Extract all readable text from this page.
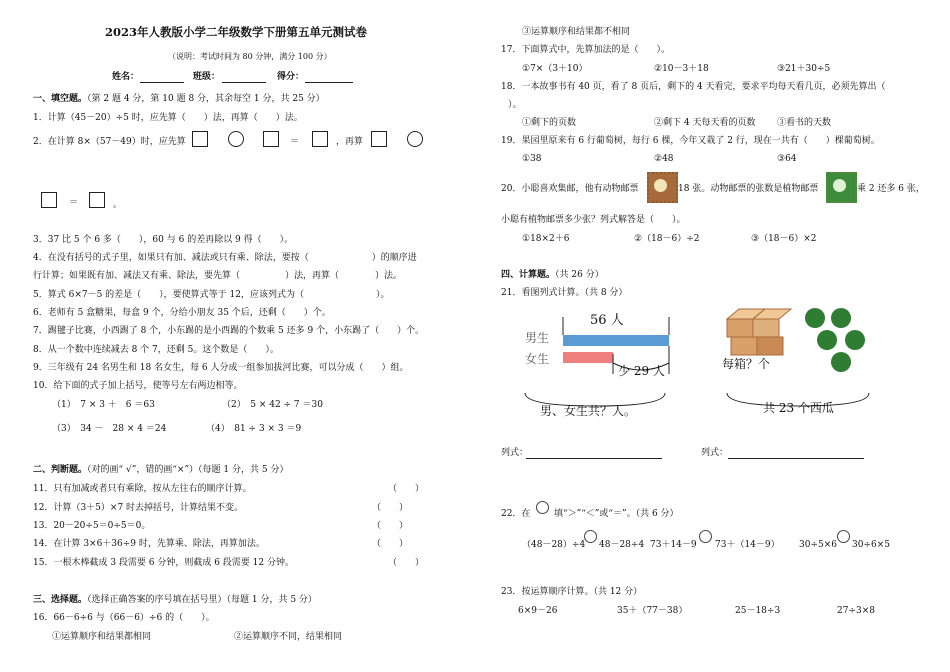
2023年人教版小学二年级数学下册第五单元测试卷
（说明：考试时间为 80 分钟，满分 100 分）
姓名：	班级：	得分：
一、填空题。（第 2 题 4 分，第 10 题 8 分，其余每空 1 分，共 25 分）
1．计算（45－20）÷5 时，应先算（　　）法，再算（　　）法。
2．在计算 8×（57－49）时，应先算	＝	，再算
＝	。
3．37 比 5 个 6 多（　　），60 与 6 的差再除以 9 得（　　）。
4．在没有括号的式子里，如果只有加、减法或只有乘、除法，要按（　　　　　　　）的顺序进
行计算；如果既有加、减法又有乘、除法，要先算（　　　　　）法，再算（　　　　）法。
5．算式 6×7－5 的差是（　　），要使算式等于 12，应该列式为（　　　　　　　　）。
6．老师有 5 盒糖果，每盒 9 个，分给小朋友 35 个后，还剩（　　）个。
7．踢毽子比赛，小西踢了 8 个，小东踢的是小西踢的个数乘 5 还多 9 个，小东踢了（　　）个。
8．从一个数中连续减去 8 个 7，还剩 5。这个数是（　　）。
9．三年级有 24 名男生和 18 名女生，每 6 人分成一组参加拔河比赛，可以分成（　　）组。
10．给下面的式子加上括号，使等号左右两边相等。
（1）　7 × 3 ＋　6 ＝63	（2）　5 × 42 ÷ 7 ＝30
（3）　34 －　28 × 4 ＝24	（4）　81 ÷ 3 × 3 ＝9
二、判断题。（对的画“ √”，错的画“×”）（每题 1 分，共 5 分）
11．只有加减或者只有乘除，按从左往右的顺序计算。	（　　）
12．计算（3＋5）×7 时去掉括号，计算结果不变。	（　　）
13．20－20÷5＝0÷5＝0。	（　　）
14．在计算 3×6＋36÷9 时，先算乘、除法，再算加法。	（　　）
15．一根木棒截成 3 段需要 6 分钟，则截成 6 段需要 12 分钟。	（　　）
三、选择题。（选择正确答案的序号填在括号里）（每题 1 分，共 5 分）
16．66－6÷6 与（66－6）÷6 的（　　）。
①运算顺序和结果都相同	②运算顺序不同，结果相同
③运算顺序和结果都不相同
17．下面算式中，先算加法的是（　　）。
①7×（3＋10）	②10－3＋18	③21＋30÷5
18．一本故事书有 40 页，看了 8 页后，剩下的 4 天看完，要求平均每天看几页，必须先算出（
）。
①剩下的页数	②剩下 4 天每天看的页数 ③看书的天数
19．果园里原来有 6 行葡萄树，每行 6 棵，今年又栽了 2 行，现在一共有（　　）棵葡萄树。
①38	②48	③64
20．小聪喜欢集邮，他有动物邮票	18 张。动物邮票的张数是植物邮票	乘 2 还多 6 张，
小聪有植物邮票多少张？列式解答是（　　）。
①18×2＋6	②（18－6）÷2	③（18－6）×2
四、计算题。（共 26 分）
21．看图列式计算。（共 8 分）
56 人
男生
女生
少 29 人
男、女生共？人。
每箱？个
共 23 个西瓜
列式：	列式：
22．在	填“＞”“＜”或“＝”。（共 6 分）
（48－28）÷4 48－28÷4 73＋14－9 73＋（14－9） 30÷5×6 30÷6×5
23．按运算顺序计算。（共 12 分）
6×9－26	35＋（77－38）	25－18÷3	27÷3×8
